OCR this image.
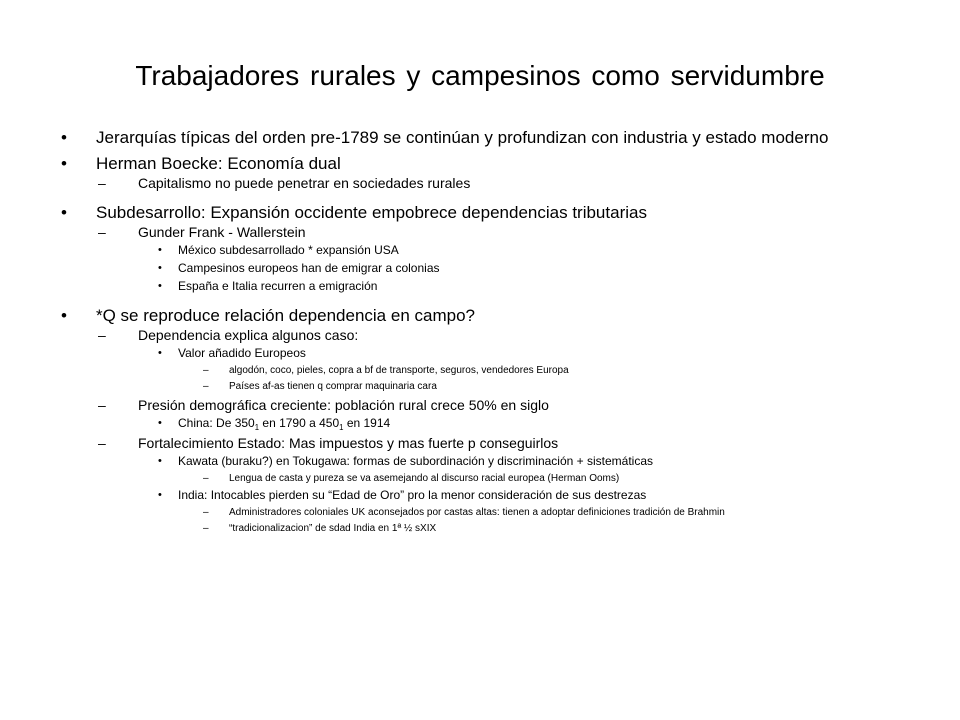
Trabajadores rurales y campesinos como servidumbre
• Jerarquías típicas del orden pre-1789 se continúan y profundizan con industria y estado moderno
• Herman Boecke: Economía dual
– Capitalismo no puede penetrar en sociedades rurales
• Subdesarrollo: Expansión occidente empobrece dependencias tributarias
– Gunder Frank - Wallerstein
• México subdesarrollado * expansión USA
• Campesinos europeos han de emigrar a colonias
• España e Italia recurren a emigración
• *Q se reproduce relación dependencia en campo?
– Dependencia explica algunos caso:
• Valor añadido Europeos
– algodón, coco, pieles, copra a bf de transporte, seguros, vendedores Europa
– Países af-as tienen q comprar maquinaria cara
– Presión demográfica creciente: población rural crece 50% en siglo
• China: De $350_1$ en 1790 a $450_1$ en 1914
– Fortalecimiento Estado: Mas impuestos y mas fuerte p conseguirlos
• Kawata (buraku?) en Tokugawa: formas de subordinación y discriminación + sistemáticas
– Lengua de casta y pureza se va asemejando al discurso racial europea (Herman Ooms)
• India: Intocables pierden su “Edad de Oro” pro la menor consideración de sus destrezas
– Administradores coloniales UK aconsejados por castas altas: tienen a adoptar definiciones tradición de Brahmin
– “tradicionalizacion” de sdad India en 1ª ½ sXIX
